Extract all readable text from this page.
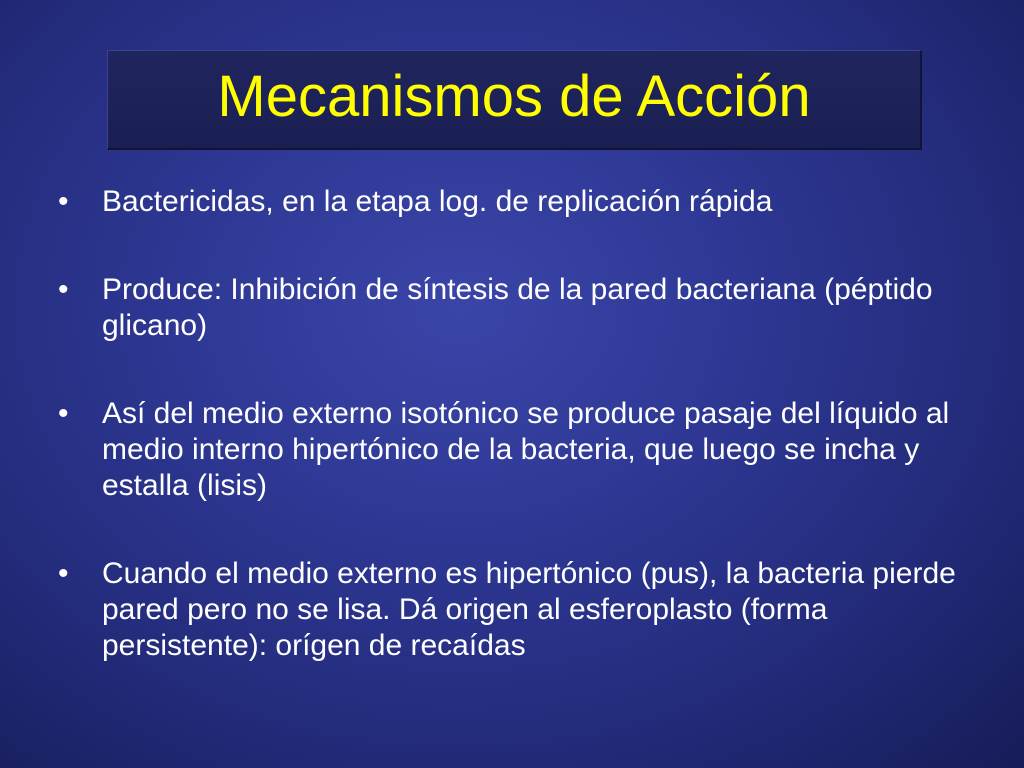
Mecanismos de Acción
•	Bactericidas, en la etapa log. de replicación rápida
•	Produce: Inhibición de síntesis de la pared bacteriana (péptido glicano)
•	Así del medio externo isotónico se produce pasaje del líquido al medio interno hipertónico de la bacteria, que luego se incha y estalla (lisis)
•	Cuando el medio externo es hipertónico (pus), la bacteria pierde pared pero no se lisa. Dá origen al esferoplasto (forma persistente): orígen de recaídas
